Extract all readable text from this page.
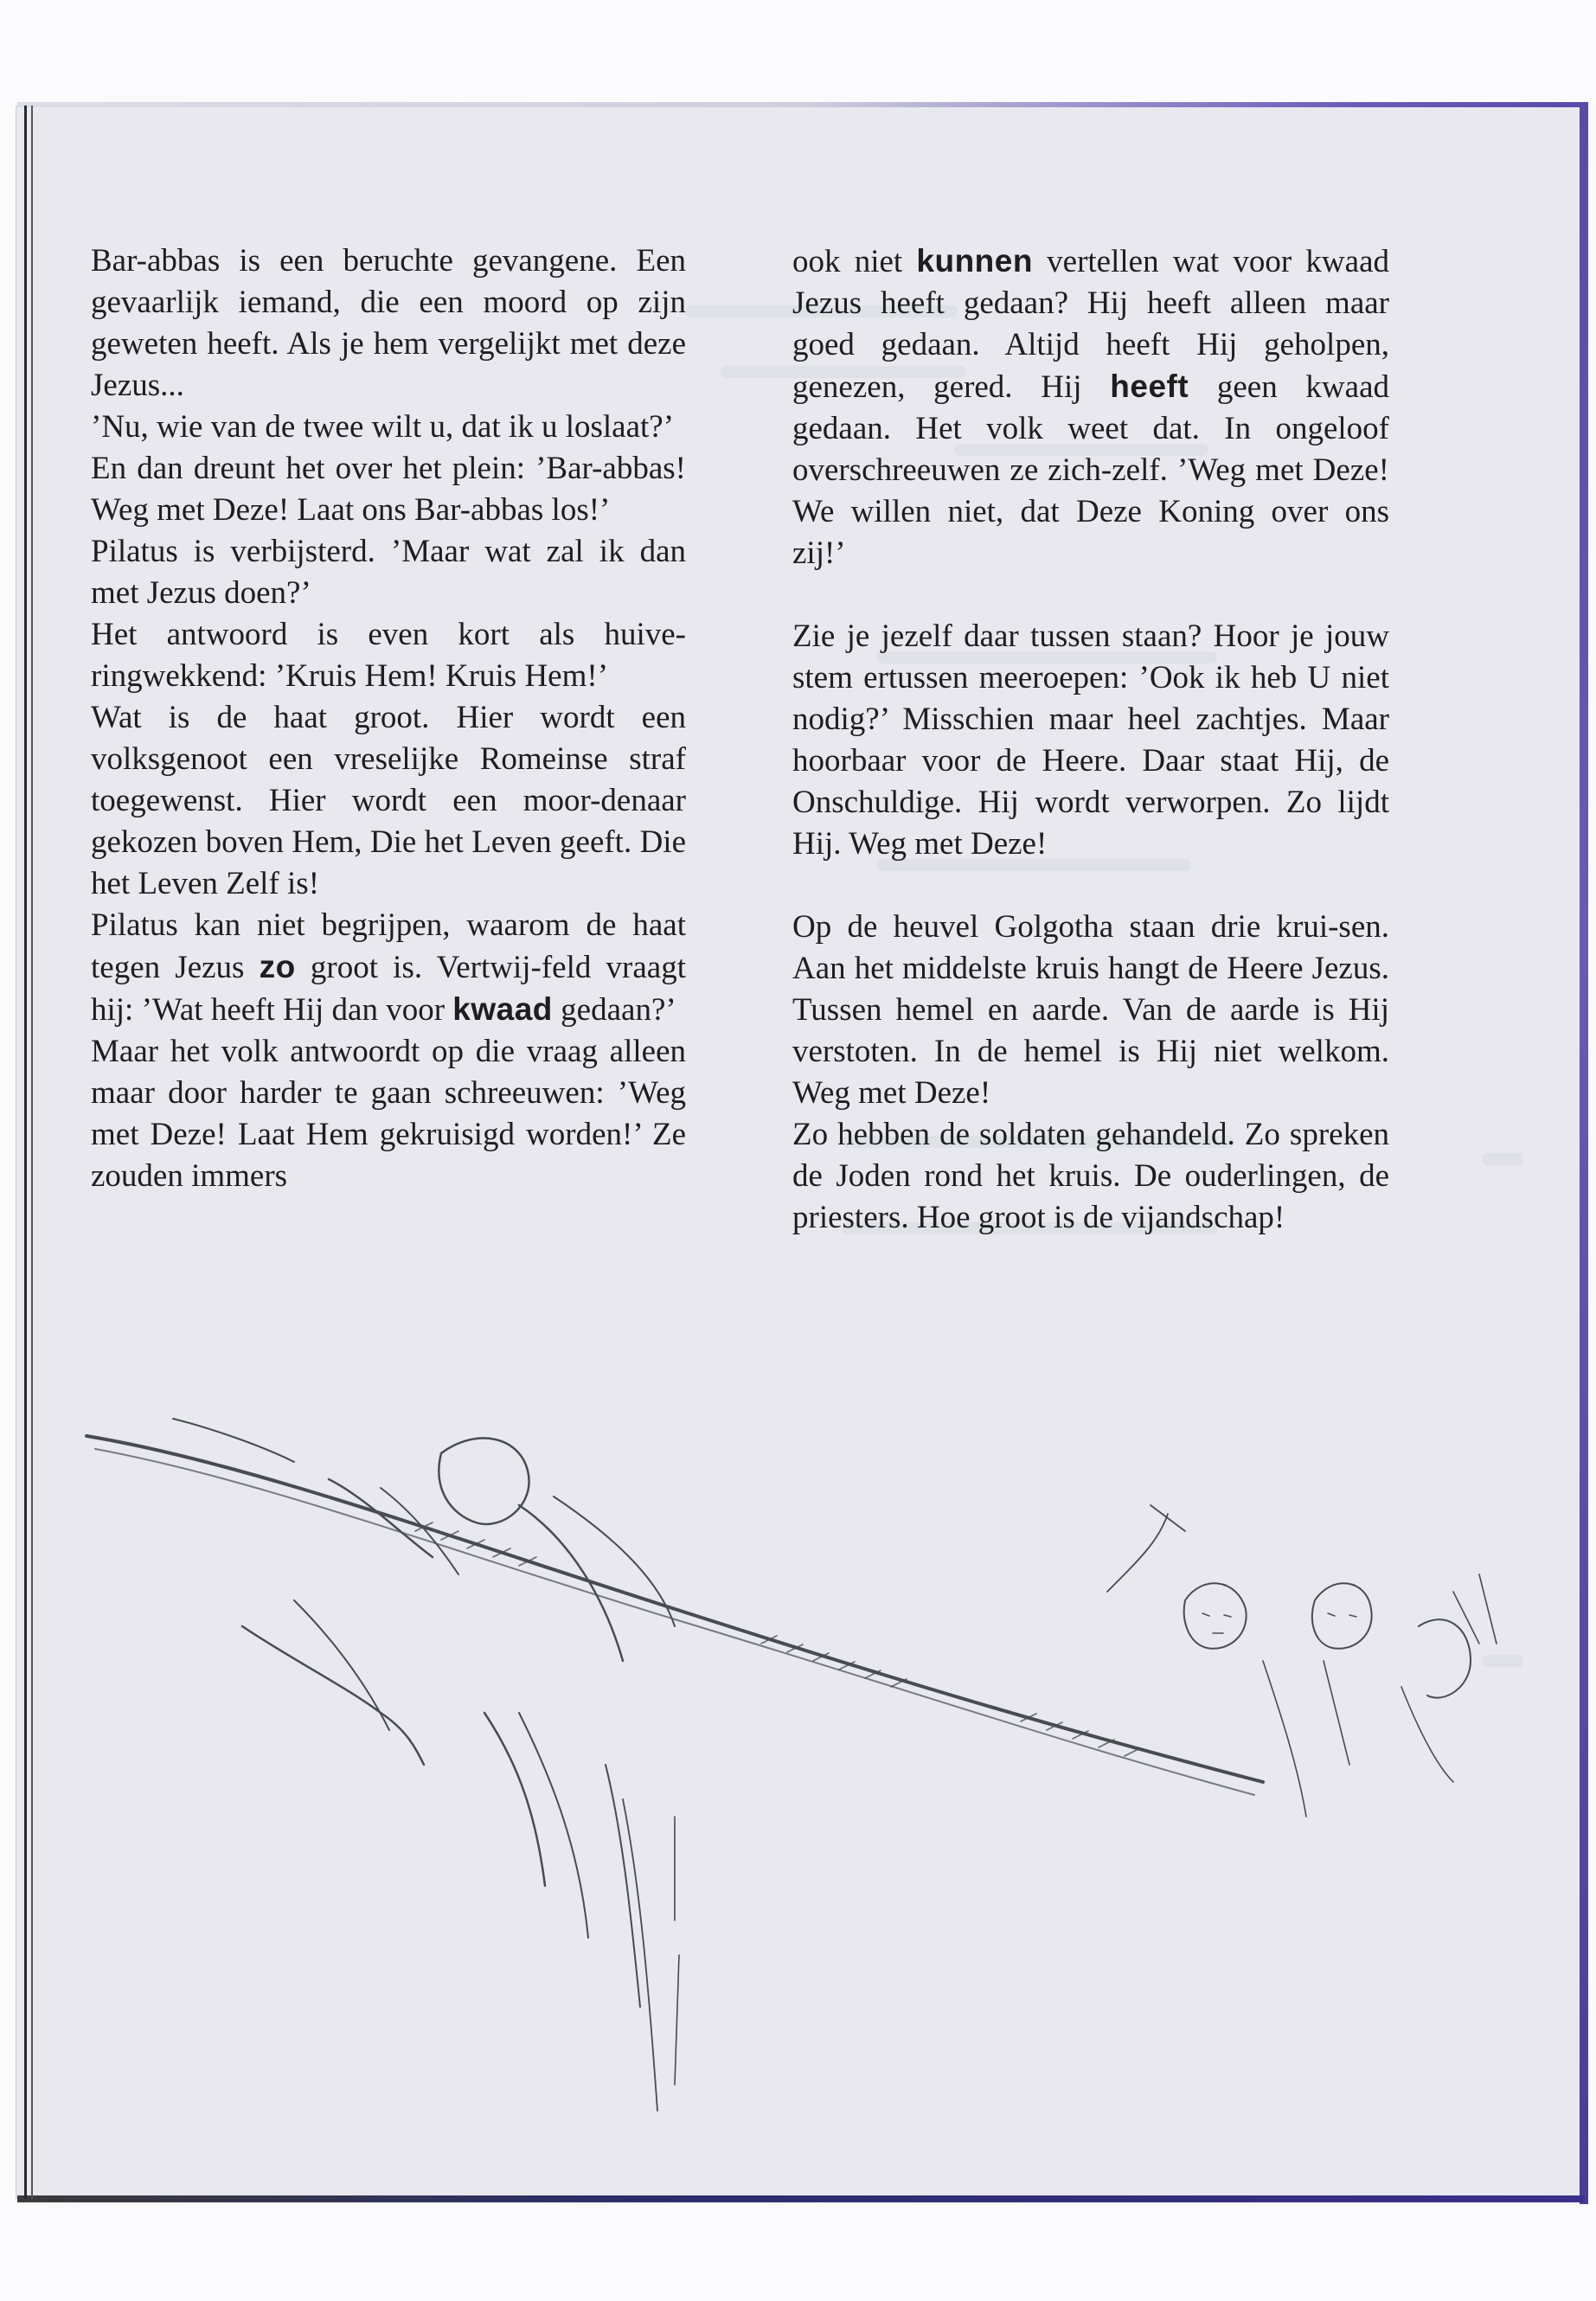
Bar-abbas is een beruchte gevangene. Een gevaarlijk iemand, die een moord op zijn geweten heeft. Als je hem vergelijkt met deze Jezus...

’Nu, wie van de twee wilt u, dat ik u loslaat?’

En dan dreunt het over het plein: ’Bar-abbas! Weg met Deze! Laat ons Bar-abbas los!’

Pilatus is verbijsterd. ’Maar wat zal ik dan met Jezus doen?’

Het antwoord is even kort als huive-ringwekkend: ’Kruis Hem! Kruis Hem!’

Wat is de haat groot. Hier wordt een volksgenoot een vreselijke Romeinse straf toegewenst. Hier wordt een moor-denaar gekozen boven Hem, Die het Leven geeft. Die het Leven Zelf is!

Pilatus kan niet begrijpen, waarom de haat tegen Jezus zo groot is. Vertwij-feld vraagt hij: ’Wat heeft Hij dan voor kwaad gedaan?’

Maar het volk antwoordt op die vraag alleen maar door harder te gaan schreeuwen: ’Weg met Deze! Laat Hem gekruisigd worden!’ Ze zouden immers

ook niet kunnen vertellen wat voor kwaad Jezus heeft gedaan? Hij heeft alleen maar goed gedaan. Altijd heeft Hij geholpen, genezen, gered. Hij heeft geen kwaad gedaan. Het volk weet dat. In ongeloof overschreeuwen ze zich-zelf. ’Weg met Deze! We willen niet, dat Deze Koning over ons zij!’

Zie je jezelf daar tussen staan? Hoor je jouw stem ertussen meeroepen: ’Ook ik heb U niet nodig?’ Misschien maar heel zachtjes. Maar hoorbaar voor de Heere. Daar staat Hij, de Onschuldige. Hij wordt verworpen. Zo lijdt Hij. Weg met Deze!

Op de heuvel Golgotha staan drie krui-sen. Aan het middelste kruis hangt de Heere Jezus. Tussen hemel en aarde. Van de aarde is Hij verstoten. In de hemel is Hij niet welkom. Weg met Deze!

Zo hebben de soldaten gehandeld. Zo spreken de Joden rond het kruis. De ouderlingen, de priesters. Hoe groot is de vijandschap!
